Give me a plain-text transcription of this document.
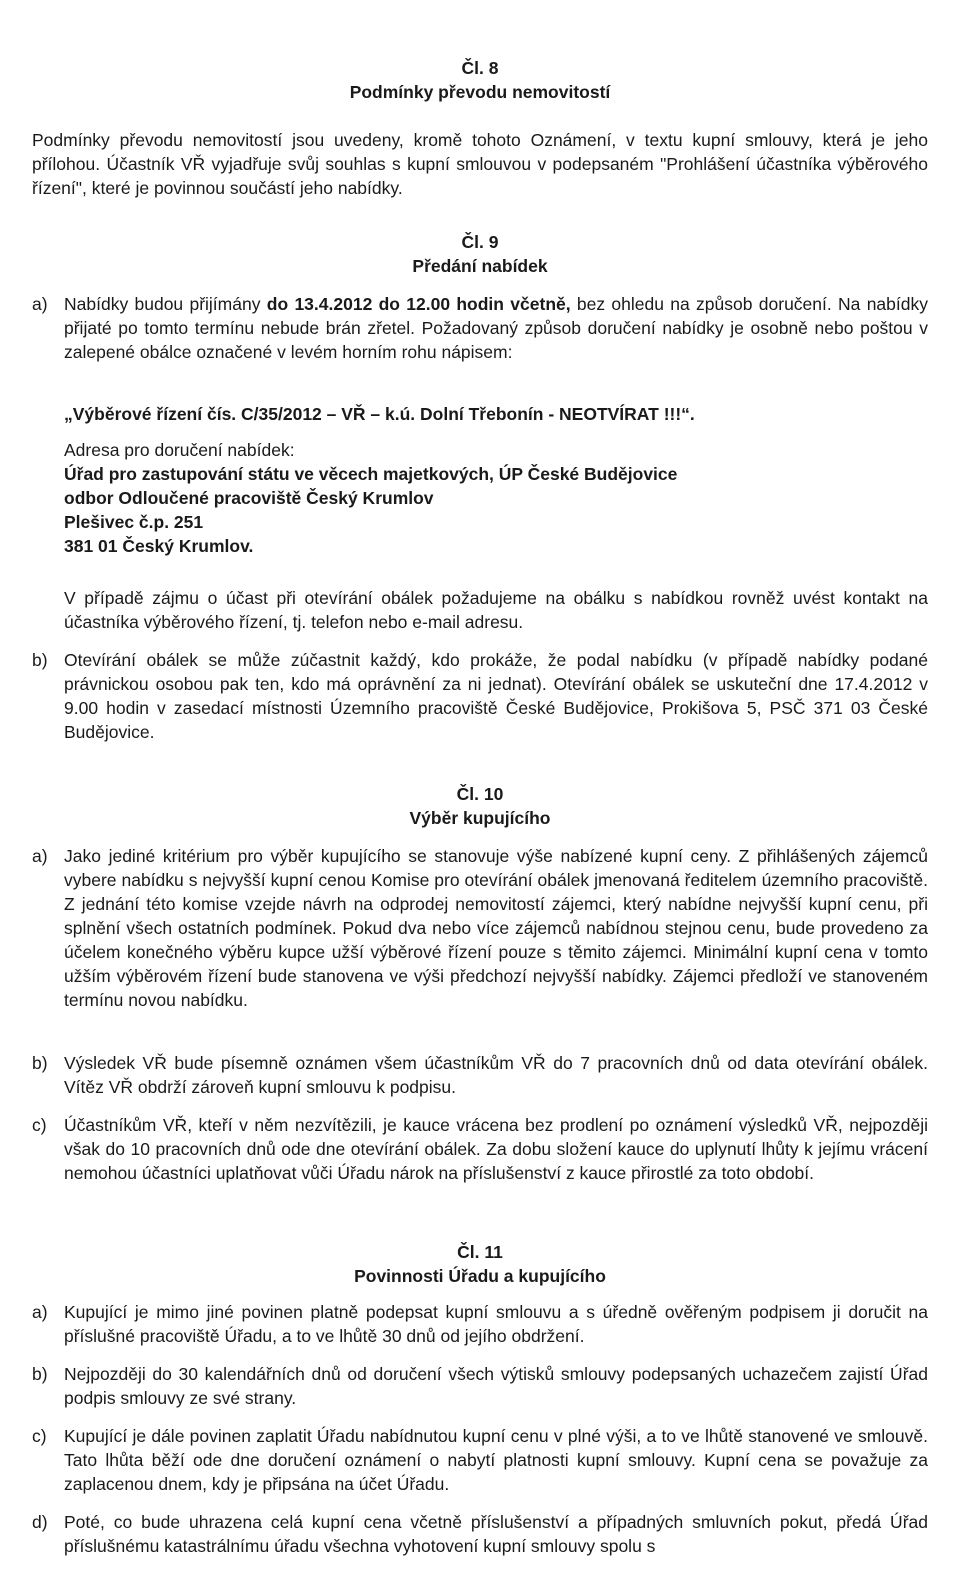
Čl. 8
Podmínky převodu nemovitostí

Podmínky převodu nemovitostí jsou uvedeny, kromě tohoto Oznámení, v textu kupní smlouvy, která je jeho přílohou. Účastník VŘ vyjadřuje svůj souhlas s kupní smlouvou v podepsaném "Prohlášení účastníka výběrového řízení", které je povinnou součástí jeho nabídky.

Čl. 9
Předání nabídek
a) Nabídky budou přijímány do 13.4.2012 do 12.00 hodin včetně, bez ohledu na způsob doručení. Na nabídky přijaté po tomto termínu nebude brán zřetel. Požadovaný způsob doručení nabídky je osobně nebo poštou v zalepené obálce označené v levém horním rohu nápisem:
„Výběrové řízení čís. C/35/2012 – VŘ – k.ú. Dolní Třebonín - NEOTVÍRAT !!!“.
Adresa pro doručení nabídek:
Úřad pro zastupování státu ve věcech majetkových, ÚP České Budějovice
odbor Odloučené pracoviště Český Krumlov
Plešivec č.p. 251
381 01 Český Krumlov.

V případě zájmu o účast při otevírání obálek požadujeme na obálku s nabídkou rovněž uvést kontakt na účastníka výběrového řízení, tj. telefon nebo e-mail adresu.

b) Otevírání obálek se může zúčastnit každý, kdo prokáže, že podal nabídku (v případě nabídky podané právnickou osobou pak ten, kdo má oprávnění za ni jednat). Otevírání obálek se uskuteční dne 17.4.2012 v 9.00 hodin v zasedací místnosti Územního pracoviště České Budějovice, Prokišova 5, PSČ 371 03 České Budějovice.
Čl. 10
Výběr kupujícího
a) Jako jediné kritérium pro výběr kupujícího se stanovuje výše nabízené kupní ceny. Z přihlášených zájemců vybere nabídku s nejvyšší kupní cenou Komise pro otevírání obálek jmenovaná ředitelem územního pracoviště. Z jednání této komise vzejde návrh na odprodej nemovitostí zájemci, který nabídne nejvyšší kupní cenu, při splnění všech ostatních podmínek. Pokud dva nebo více zájemců nabídnou stejnou cenu, bude provedeno za účelem konečného výběru kupce užší výběrové řízení pouze s těmito zájemci. Minimální kupní cena v tomto užším výběrovém řízení bude stanovena ve výši předchozí nejvyšší nabídky. Zájemci předloží ve stanoveném termínu novou nabídku.
b) Výsledek VŘ bude písemně oznámen všem účastníkům VŘ do 7 pracovních dnů od data otevírání obálek. Vítěz VŘ obdrží zároveň kupní smlouvu k podpisu.
c) Účastníkům VŘ, kteří v něm nezvítězili, je kauce vrácena bez prodlení po oznámení výsledků VŘ, nejpozději však do 10 pracovních dnů ode dne otevírání obálek. Za dobu složení kauce do uplynutí lhůty k jejímu vrácení nemohou účastníci uplatňovat vůči Úřadu nárok na příslušenství z kauce přirostlé za toto období.
Čl. 11
Povinnosti Úřadu a kupujícího
a) Kupující je mimo jiné povinen platně podepsat kupní smlouvu a s úředně ověřeným podpisem ji doručit na příslušné pracoviště Úřadu, a to ve lhůtě 30 dnů od jejího obdržení.
b) Nejpozději do 30 kalendářních dnů od doručení všech výtisků smlouvy podepsaných uchazečem zajistí Úřad podpis smlouvy ze své strany.
c) Kupující je dále povinen zaplatit Úřadu nabídnutou kupní cenu v plné výši, a to ve lhůtě stanovené ve smlouvě. Tato lhůta běží ode dne doručení oznámení o nabytí platnosti kupní smlouvy. Kupní cena se považuje za zaplacenou dnem, kdy je připsána na účet Úřadu.
d) Poté, co bude uhrazena celá kupní cena včetně příslušenství a případných smluvních pokut, předá Úřad příslušnému katastrálnímu úřadu všechna vyhotovení kupní smlouvy spolu s
